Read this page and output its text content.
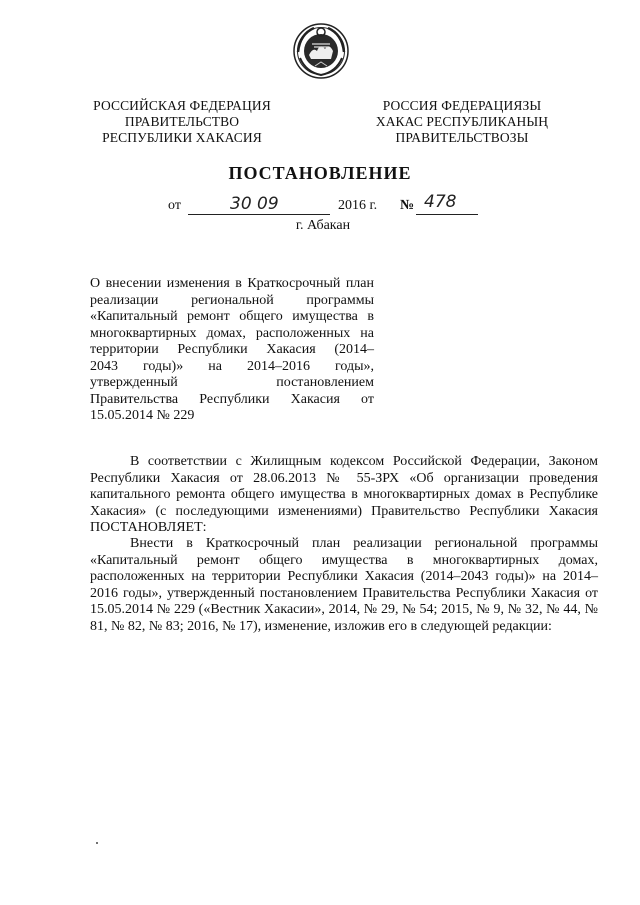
РОССИЙСКАЯ ФЕДЕРАЦИЯ
ПРАВИТЕЛЬСТВО
РЕСПУБЛИКИ ХАКАСИЯ
РОССИЯ ФЕДЕРАЦИЯЗЫ
ХАКАС РЕСПУБЛИКАНЫҢ
ПРАВИТЕЛЬСТВОЗЫ
ПОСТАНОВЛЕНИЕ
от	30 09	2016 г. № 478
г. Абакан
О внесении изменения в Краткосрочный план
реализации региональной программы
«Капитальный ремонт общего имущества в
многоквартирных домах, расположенных на
территории Республики Хакасия (2014–
2043 годы)» на 2014–2016 годы»,
утвержденный постановлением
Правительства Республики Хакасия от
15.05.2014 № 229
В соответствии с Жилищным кодексом Российской Федерации, Законом Республики Хакасия от 28.06.2013 № 55-ЗРХ «Об организации проведения капитального ремонта общего имущества в многоквартирных домах в Республике Хакасия» (с последующими изменениями) Правительство Республики Хакасия ПОСТАНОВЛЯЕТ:
Внести в Краткосрочный план реализации региональной программы «Капитальный ремонт общего имущества в многоквартирных домах, расположенных на территории Республики Хакасия (2014–2043 годы)» на 2014–2016 годы», утвержденный постановлением Правительства Республики Хакасия от 15.05.2014 № 229 («Вестник Хакасии», 2014, № 29, № 54; 2015, № 9, № 32, № 44, № 81, № 82, № 83; 2016, № 17), изменение, изложив его в следующей редакции:
